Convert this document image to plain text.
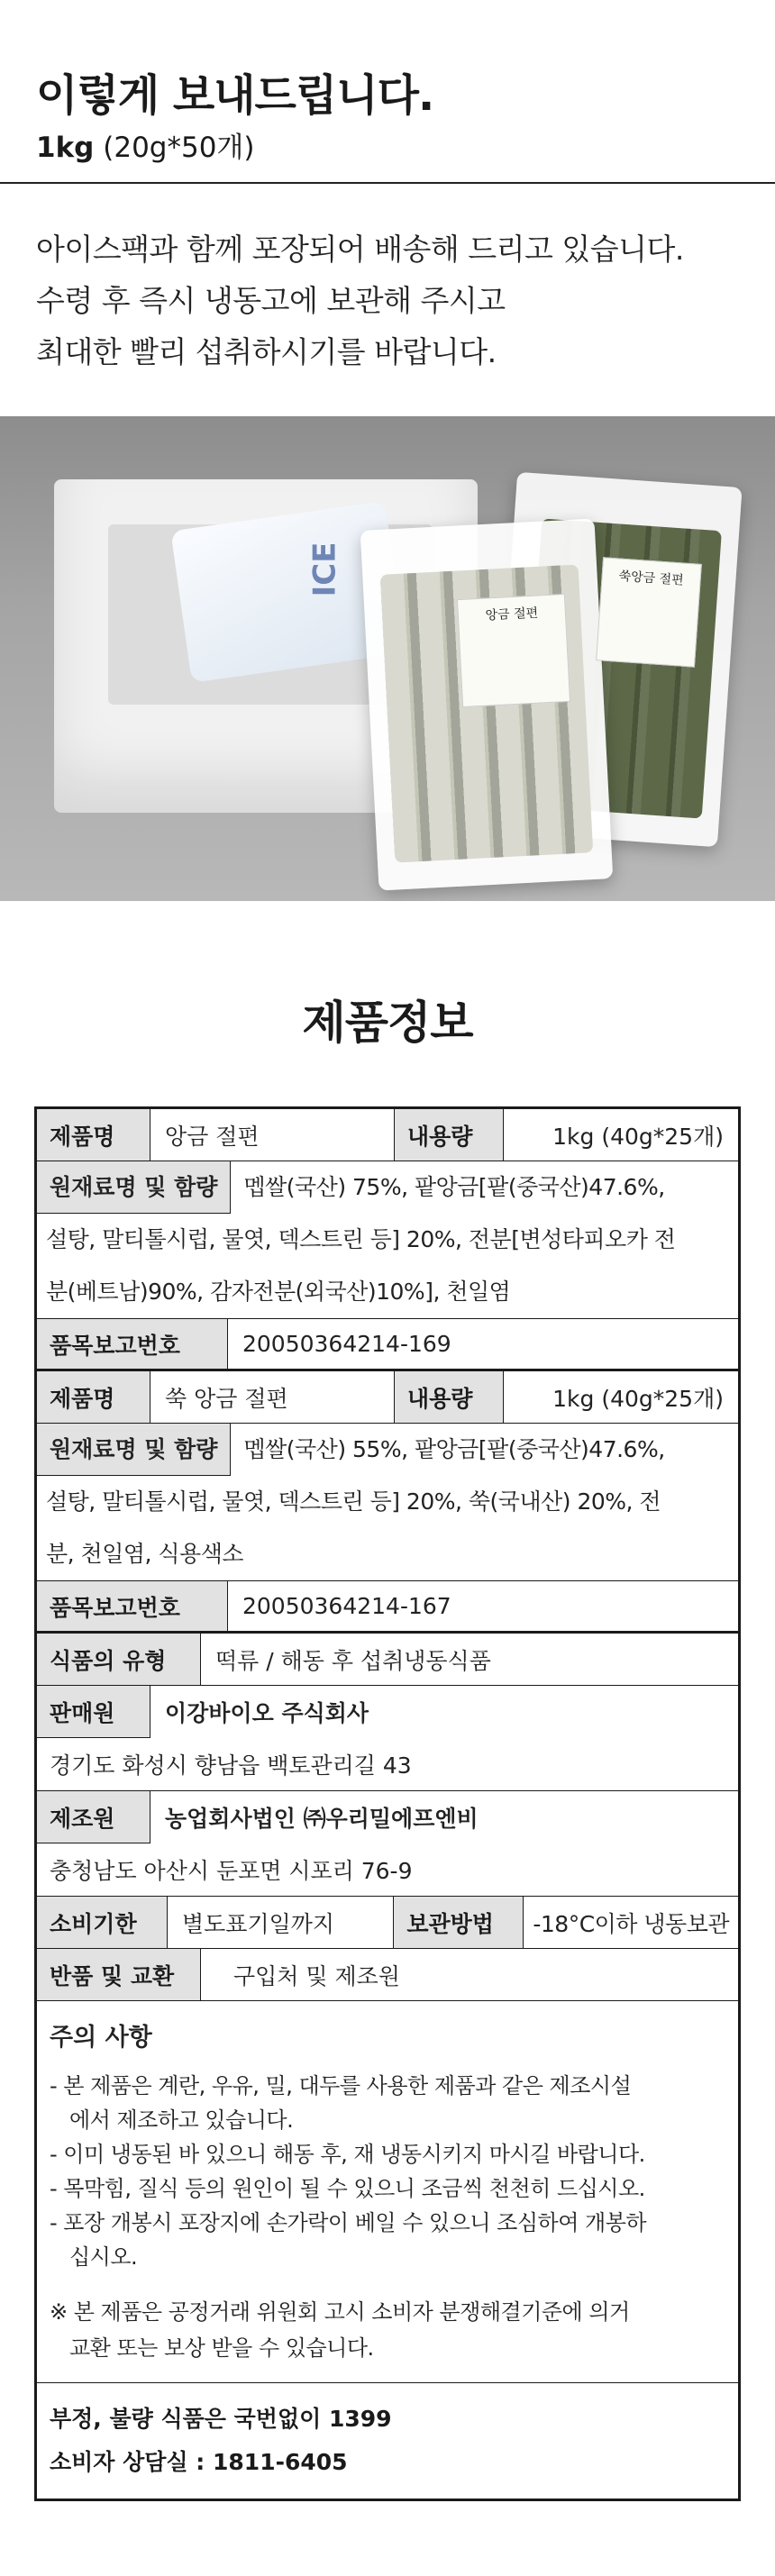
이렇게 보내드립니다.
1kg (20g*50개)
아이스팩과 함께 포장되어 배송해 드리고 있습니다.
수령 후 즉시 냉동고에 보관해 주시고
최대한 빨리 섭취하시기를 바랍니다.
ICE
앙금 절편
쑥앙금 절편
제품정보
제품명	앙금 절편	내용량	1kg (40g*25개)
원재료명 및 함량	멥쌀(국산) 75%, 팥앙금[팥(중국산)47.6%,
설탕, 말티톨시럽, 물엿, 덱스트린 등] 20%, 전분[변성타피오카 전
분(베트남)90%, 감자전분(외국산)10%], 천일염
품목보고번호	20050364214-169
제품명	쑥 앙금 절편	내용량	1kg (40g*25개)
원재료명 및 함량	멥쌀(국산) 55%, 팥앙금[팥(중국산)47.6%,
설탕, 말티톨시럽, 물엿, 덱스트린 등] 20%, 쑥(국내산) 20%, 전
분, 천일염, 식용색소
품목보고번호	20050364214-167
식품의 유형	떡류 / 해동 후 섭취냉동식품
판매원	이강바이오 주식회사
경기도 화성시 향남읍 백토관리길 43
제조원	농업회사법인 ㈜우리밀에프엔비
충청남도 아산시 둔포면 시포리 76-9
소비기한	별도표기일까지	보관방법	-18°C이하 냉동보관
반품 및 교환	구입처 및 제조원
주의 사항
- 본 제품은 계란, 우유, 밀, 대두를 사용한 제품과 같은 제조시설
에서 제조하고 있습니다.
- 이미 냉동된 바 있으니 해동 후, 재 냉동시키지 마시길 바랍니다.
- 목막힘, 질식 등의 원인이 될 수 있으니 조금씩 천천히 드십시오.
- 포장 개봉시 포장지에 손가락이 베일 수 있으니 조심하여 개봉하
십시오.
※ 본 제품은 공정거래 위원회 고시 소비자 분쟁해결기준에 의거
교환 또는 보상 받을 수 있습니다.
부정, 불량 식품은 국번없이 1399
소비자 상담실 : 1811-6405
